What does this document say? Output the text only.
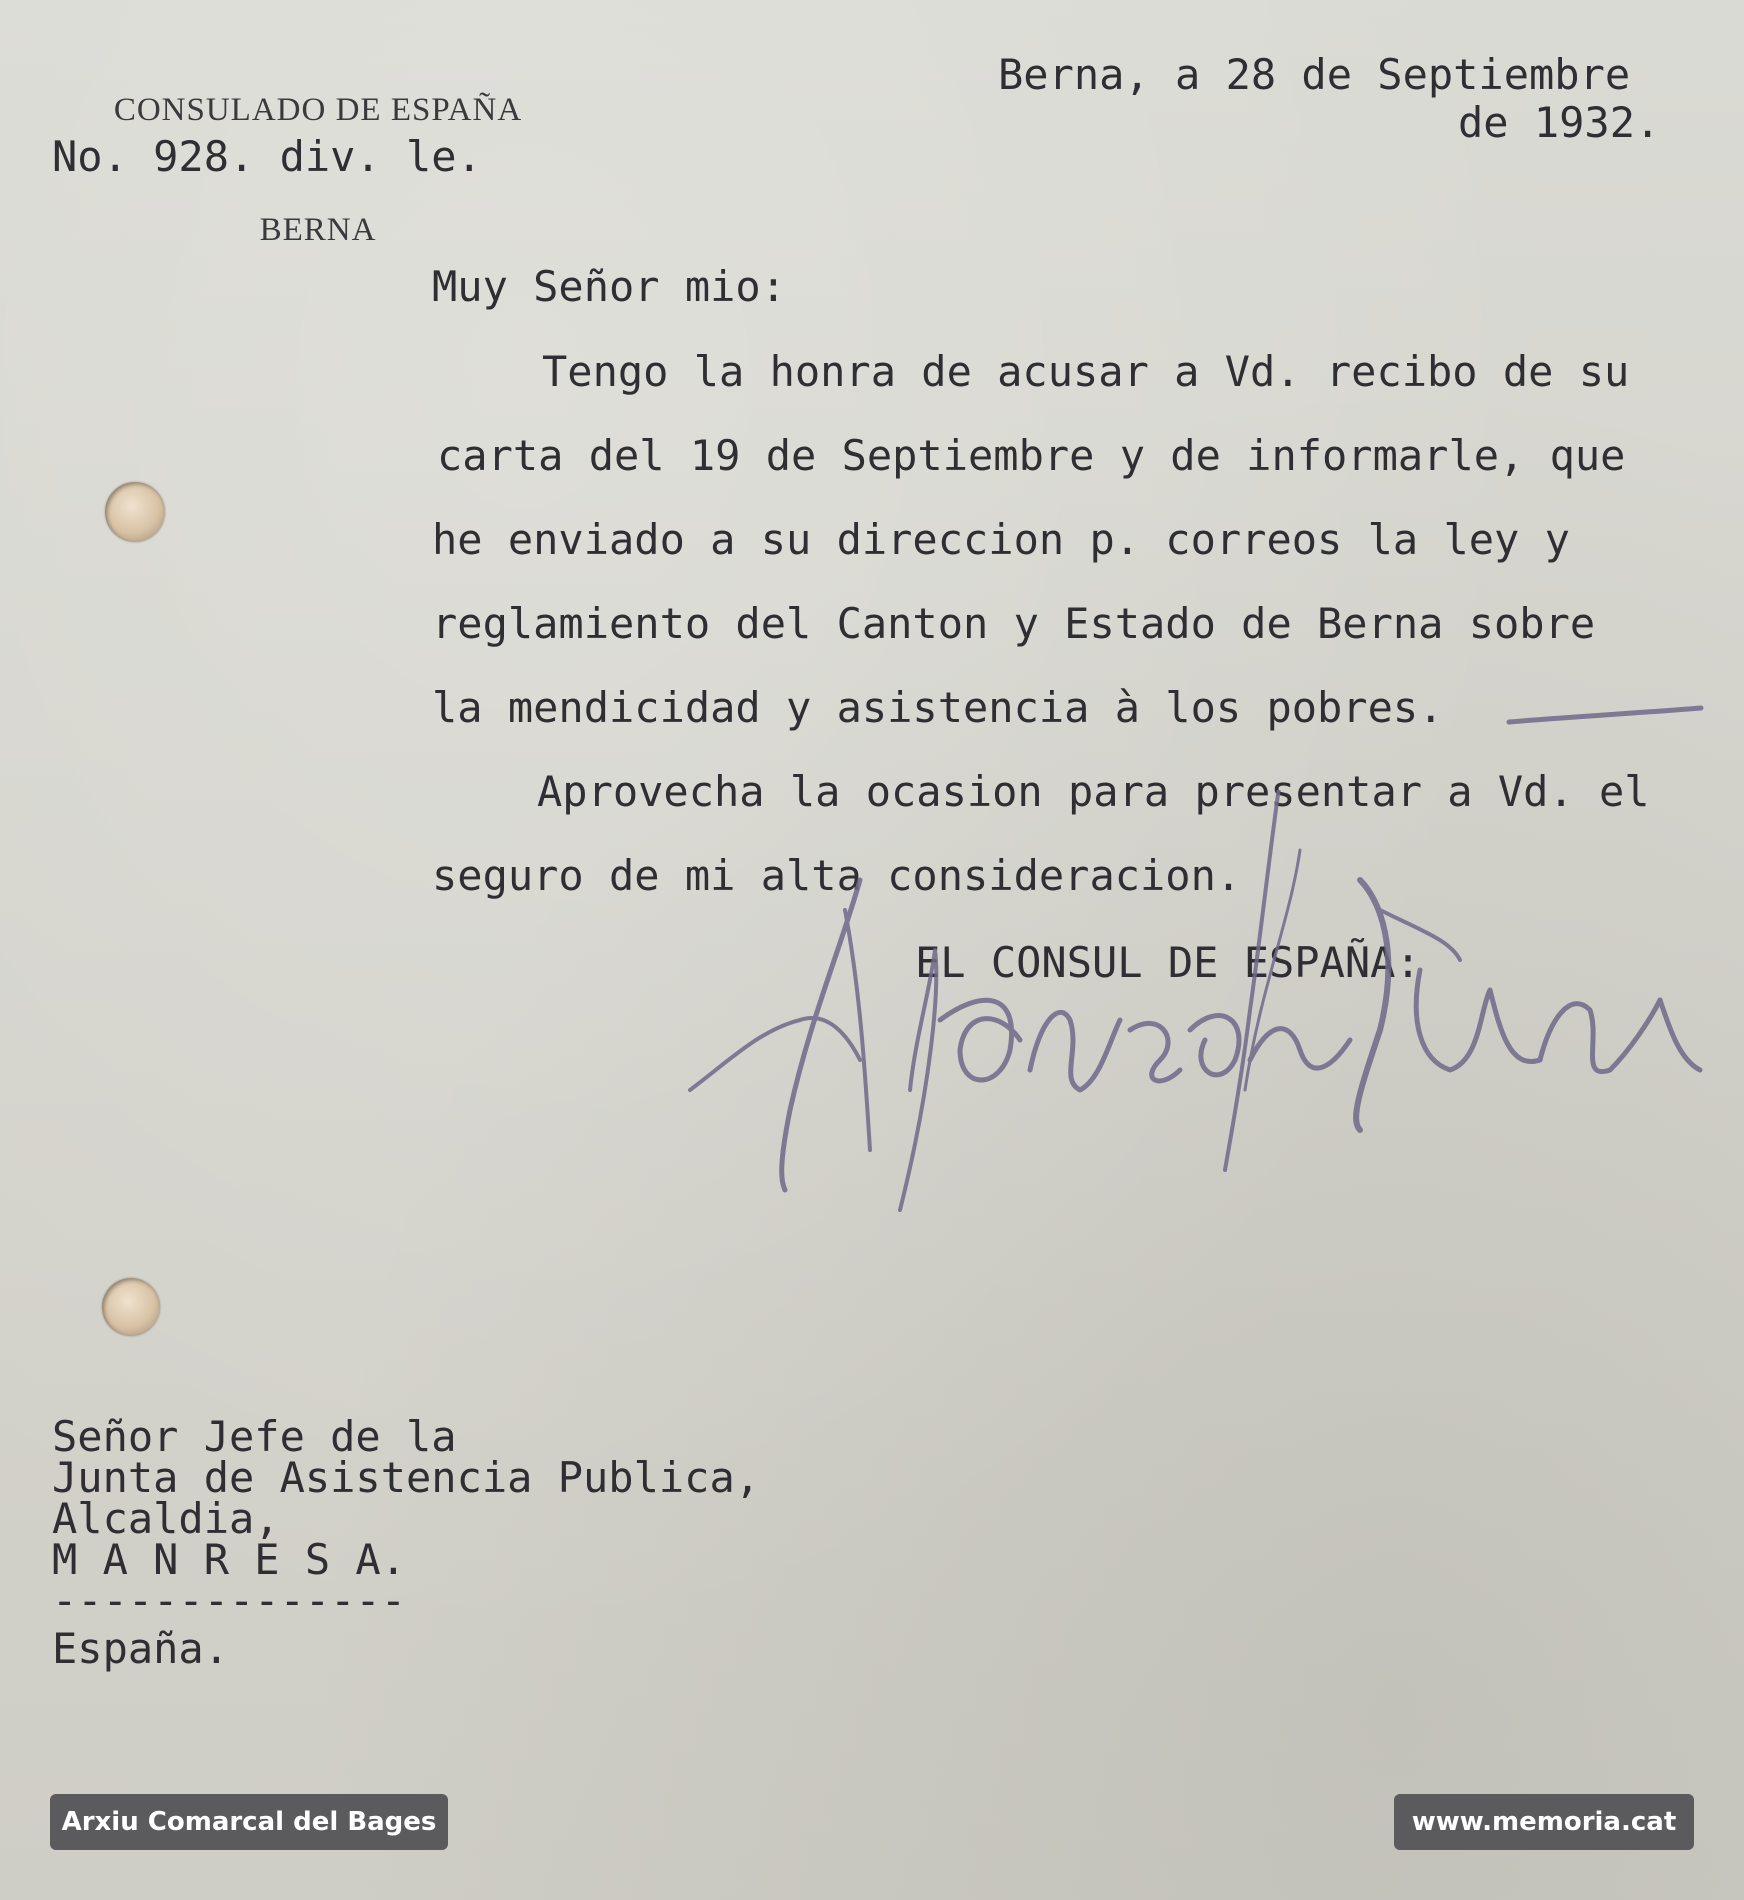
CONSULADO DE ESPAÑA

BERNA

No. 928. div. le.
Berna, a 28 de Septiembre
de 1932.
Muy Señor mio:
Tengo la honra de acusar a Vd. recibo de su
carta del 19 de Septiembre y de informarle, que
he enviado a su direccion p. correos la ley y
reglamiento del Canton y Estado de Berna sobre
la mendicidad y asistencia à los pobres.
Aprovecha la ocasion para presentar a Vd. el
seguro de mi alta consideracion.
EL CONSUL DE ESPAÑA:
Señor Jefe de la
Junta de Asistencia Publica,
Alcaldia,
M A N R E S A.
--------------
España.
Arxiu Comarcal del Bages	www.memoria.cat
